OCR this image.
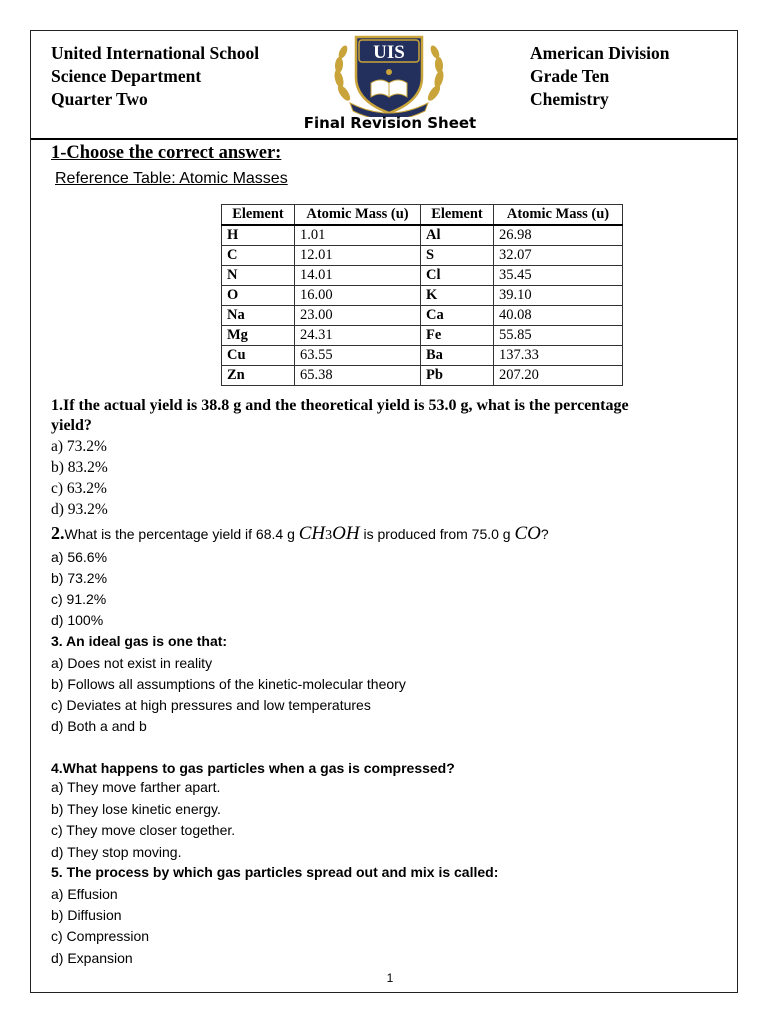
United International School
Science Department
Quarter Two
UIS	American Division
Grade Ten
Chemistry
Final Revision Sheet
1-Choose the correct answer:
Reference Table: Atomic Masses
Element	Atomic Mass (u)	Element	Atomic Mass (u)
H	1.01	Al	26.98
C	12.01	S	32.07
N	14.01	Cl	35.45
O	16.00	K	39.10
Na	23.00	Ca	40.08
Mg	24.31	Fe	55.85
Cu	63.55	Ba	137.33
Zn	65.38	Pb	207.20
1.If the actual yield is 38.8 g and the theoretical yield is 53.0 g, what is the percentage
yield?
a) 73.2%
b) 83.2%
c) 63.2%
d) 93.2%
2.What is the percentage yield if 68.4 g CH3OH is produced from 75.0 g CO?
a) 56.6%
b) 73.2%
c) 91.2%
d) 100%
3. An ideal gas is one that:
a) Does not exist in reality
b) Follows all assumptions of the kinetic-molecular theory
c) Deviates at high pressures and low temperatures
d) Both a and b
4.What happens to gas particles when a gas is compressed?
a) They move farther apart.
b) They lose kinetic energy.
c) They move closer together.
d) They stop moving.
5. The process by which gas particles spread out and mix is called:
a) Effusion
b) Diffusion
c) Compression
d) Expansion
1
